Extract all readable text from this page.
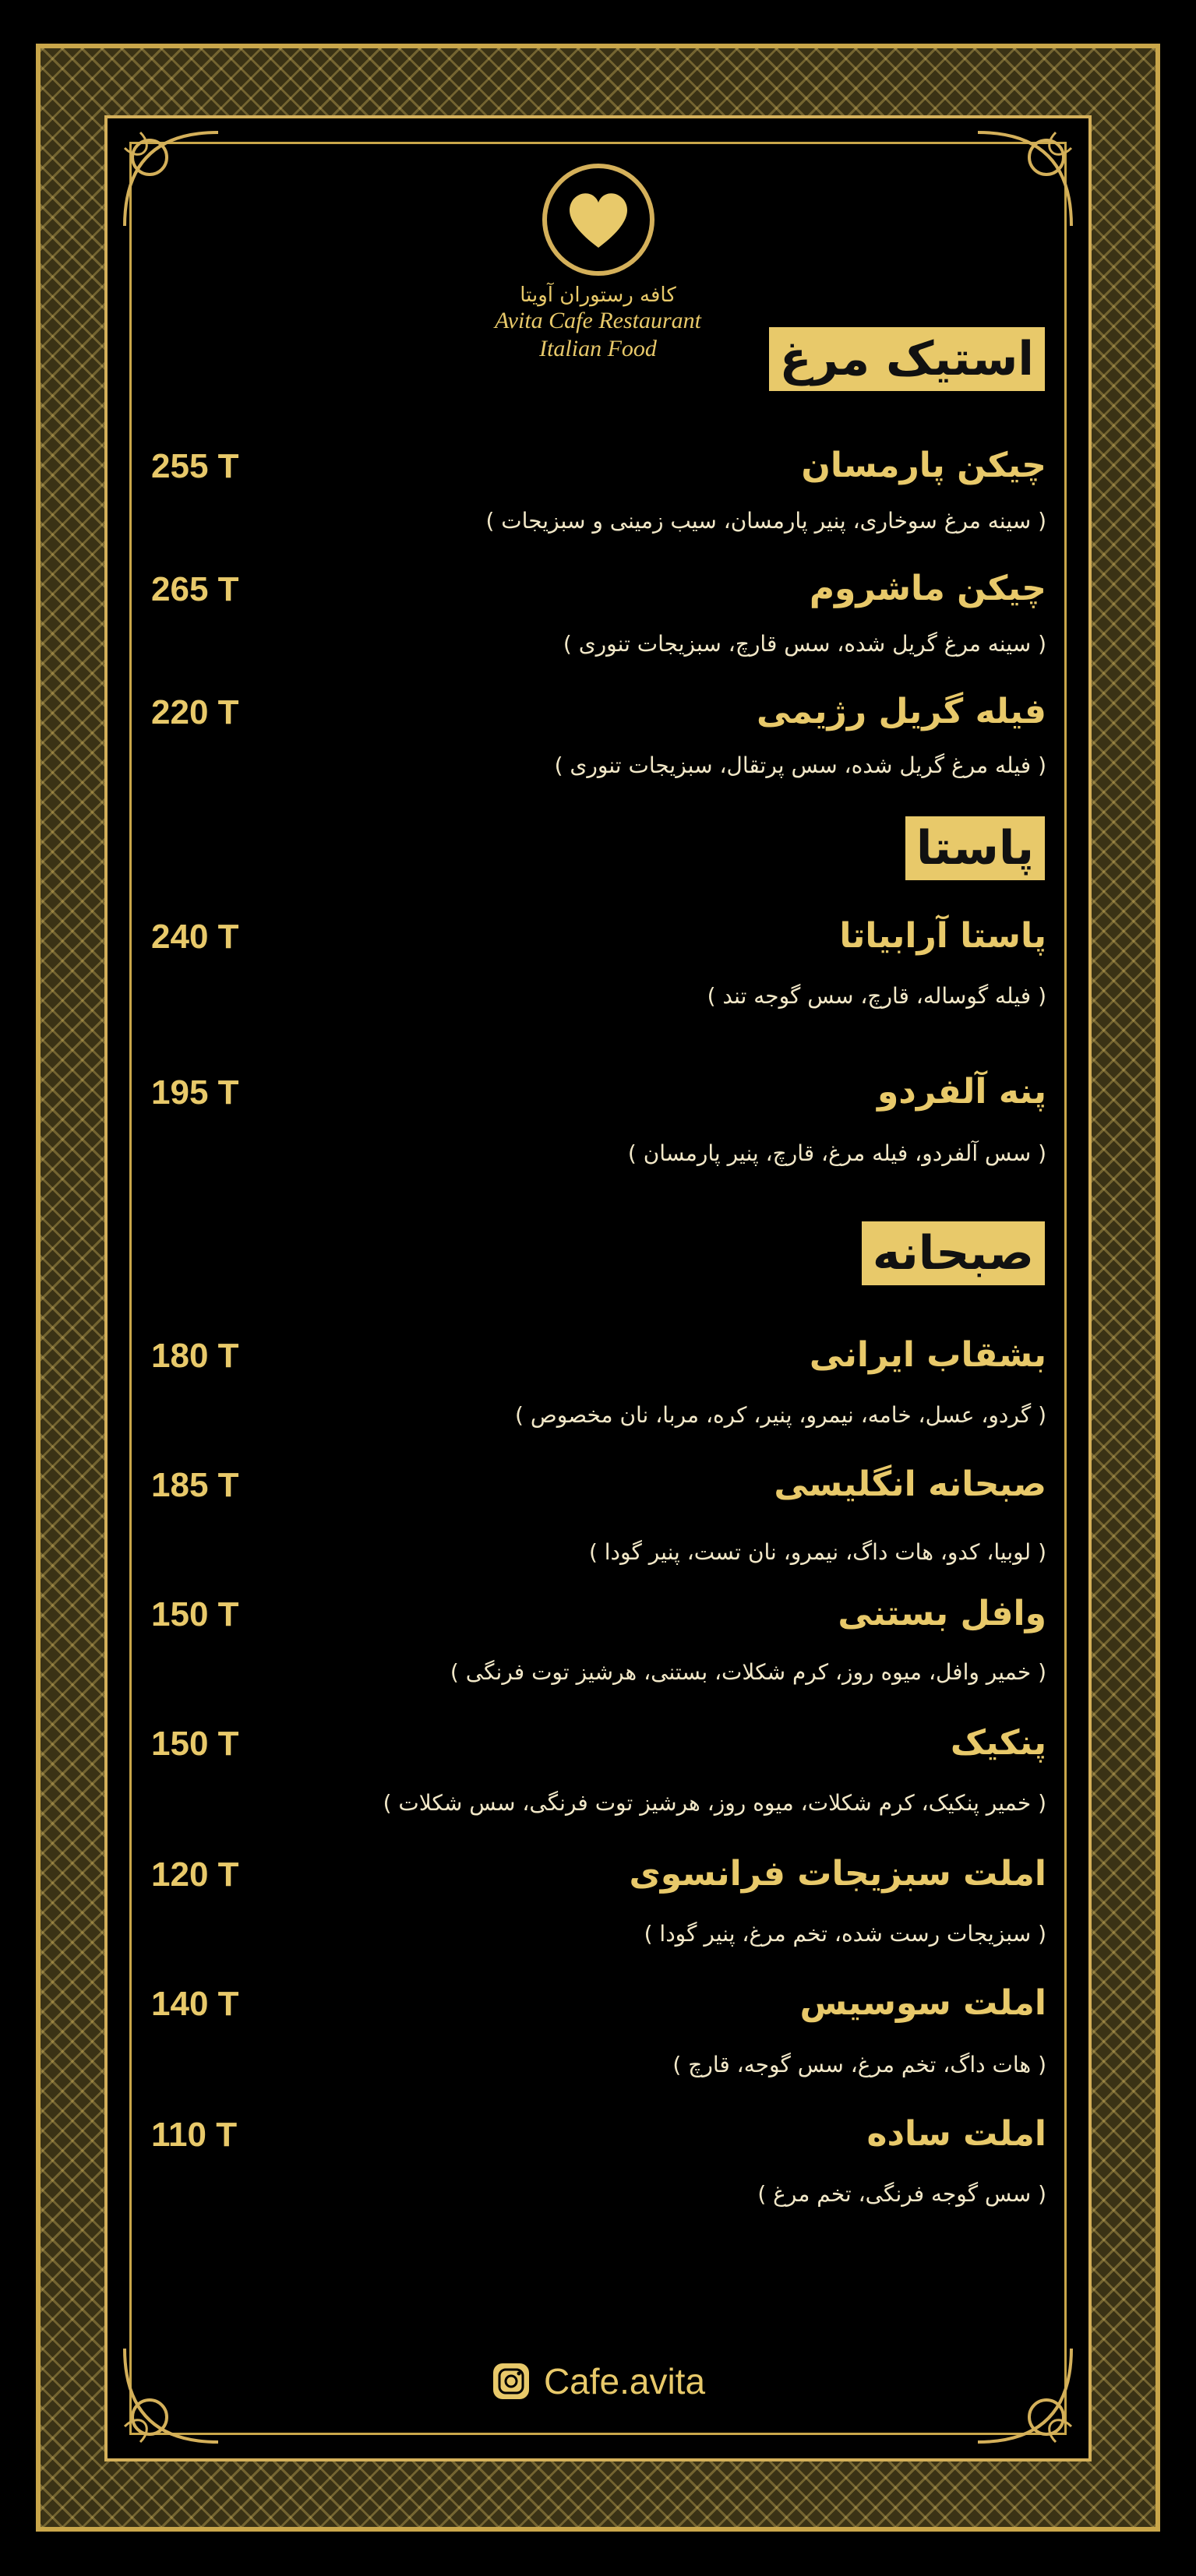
کافه رستوران آویتا
Avita Cafe Restaurant
Italian Food	استیک مرغ
چیکن پارمسان
255 T
( سینه مرغ سوخاری، پنیر پارمسان، سیب زمینی و سبزیجات )
چیکن ماشروم
265 T
( سینه مرغ گریل شده، سس قارچ، سبزیجات تنوری )
فیله گریل رژیمی
220 T
( فیله مرغ گریل شده، سس پرتقال، سبزیجات تنوری )
پاستا
پاستا آرابیاتا
240 T
( فیله گوساله، قارچ، سس گوجه تند )
پنه آلفردو
195 T
( سس آلفردو، فیله مرغ، قارچ، پنیر پارمسان )
صبحانه
بشقاب ایرانی
180 T
( گردو، عسل، خامه، نیمرو، پنیر، کره، مربا، نان مخصوص )
صبحانه انگلیسی
185 T
( لوبیا، کدو، هات داگ، نیمرو، نان تست، پنیر گودا )
وافل بستنی
150 T
( خمیر وافل، میوه روز، کرم شکلات، بستنی، هرشیز توت فرنگی )
پنکیک
150 T
( خمیر پنکیک، کرم شکلات، میوه روز، هرشیز توت فرنگی، سس شکلات )
املت سبزیجات فرانسوی
120 T
( سبزیجات رست شده، تخم مرغ، پنیر گودا )
املت سوسیس
140 T
( هات داگ، تخم مرغ، سس گوجه، قارچ )
املت ساده
110 T
( سس گوجه فرنگی، تخم مرغ )
Cafe.avita
